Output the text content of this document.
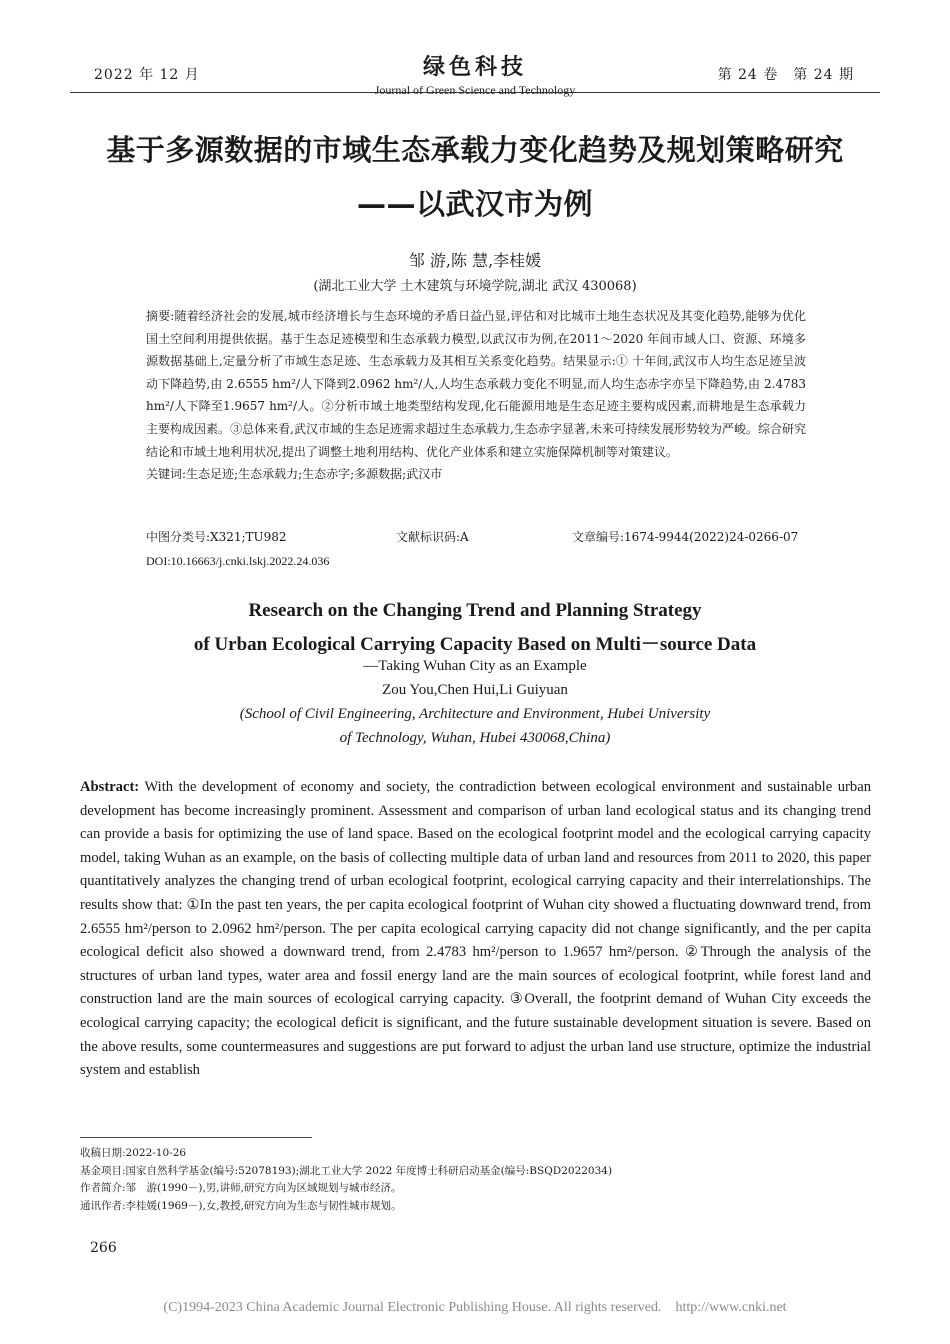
2022 年 12 月	绿色科技
Journal of Green Science and Technology
第 24 卷　第 24 期
基于多源数据的市域生态承载力变化趋势及规划策略研究
——以武汉市为例
邹 游,陈 慧,李桂媛
(湖北工业大学 土木建筑与环境学院,湖北 武汉 430068)

摘要:随着经济社会的发展,城市经济增长与生态环境的矛盾日益凸显,评估和对比城市土地生态状况及其变化趋势,能够为优化国土空间利用提供依据。基于生态足迹模型和生态承载力模型,以武汉市为例,在2011～2020 年间市域人口、资源、环境多源数据基础上,定量分析了市域生态足迹、生态承载力及其相互关系变化趋势。结果显示:① 十年间,武汉市人均生态足迹呈波动下降趋势,由 2.6555 hm²/人下降到2.0962 hm²/人,人均生态承载力变化不明显,而人均生态赤字亦呈下降趋势,由 2.4783 hm²/人下降至1.9657 hm²/人。②分析市域土地类型结构发现,化石能源用地是生态足迹主要构成因素,而耕地是生态承载力主要构成因素。③总体来看,武汉市域的生态足迹需求超过生态承载力,生态赤字显著,未来可持续发展形势较为严峻。综合研究结论和市域土地利用状况,提出了调整土地利用结构、优化产业体系和建立实施保障机制等对策建议。

关键词:生态足迹;生态承载力;生态赤字;多源数据;武汉市

中图分类号:X321;TU982	文献标识码:A	文章编号:1674-9944(2022)24-0266-07
DOI:10.16663/j.cnki.lskj.2022.24.036
Research on the Changing Trend and Planning Strategy
of Urban Ecological Carrying Capacity Based on Multi－source Data
—Taking Wuhan City as an Example
Zou You,Chen Hui,Li Guiyuan
(School of Civil Engineering, Architecture and Environment, Hubei University
of Technology, Wuhan, Hubei 430068,China)
Abstract: With the development of economy and society, the contradiction between ecological environment and sustainable urban development has become increasingly prominent. Assessment and comparison of urban land ecological status and its changing trend can provide a basis for optimizing the use of land space. Based on the ecological footprint model and the ecological carrying capacity model, taking Wuhan as an example, on the basis of collecting multiple data of urban land and resources from 2011 to 2020, this paper quantitatively analyzes the changing trend of urban ecological footprint, ecological carrying capacity and their interrelationships. The results show that: ①In the past ten years, the per capita ecological footprint of Wuhan city showed a fluctuating downward trend, from 2.6555 hm²/person to 2.0962 hm²/person. The per capita ecological carrying capacity did not change significantly, and the per capita ecological deficit also showed a downward trend, from 2.4783 hm²/person to 1.9657 hm²/person. ②Through the analysis of the structures of urban land types, water area and fossil energy land are the main sources of ecological footprint, while forest land and construction land are the main sources of ecological carrying capacity. ③Overall, the footprint demand of Wuhan City exceeds the ecological carrying capacity; the ecological deficit is significant, and the future sustainable development situation is severe. Based on the above results, some countermeasures and suggestions are put forward to adjust the urban land use structure, optimize the industrial system and establish
收稿日期:2022-10-26
基金项目:国家自然科学基金(编号:52078193);湖北工业大学 2022 年度博士科研启动基金(编号:BSQD2022034)
作者简介:邹　游(1990－),男,讲师,研究方向为区域规划与城市经济。
通讯作者:李桂媛(1969－),女,教授,研究方向为生态与韧性城市规划。
266
(C)1994-2023 China Academic Journal Electronic Publishing House. All rights reserved.　http://www.cnki.net
